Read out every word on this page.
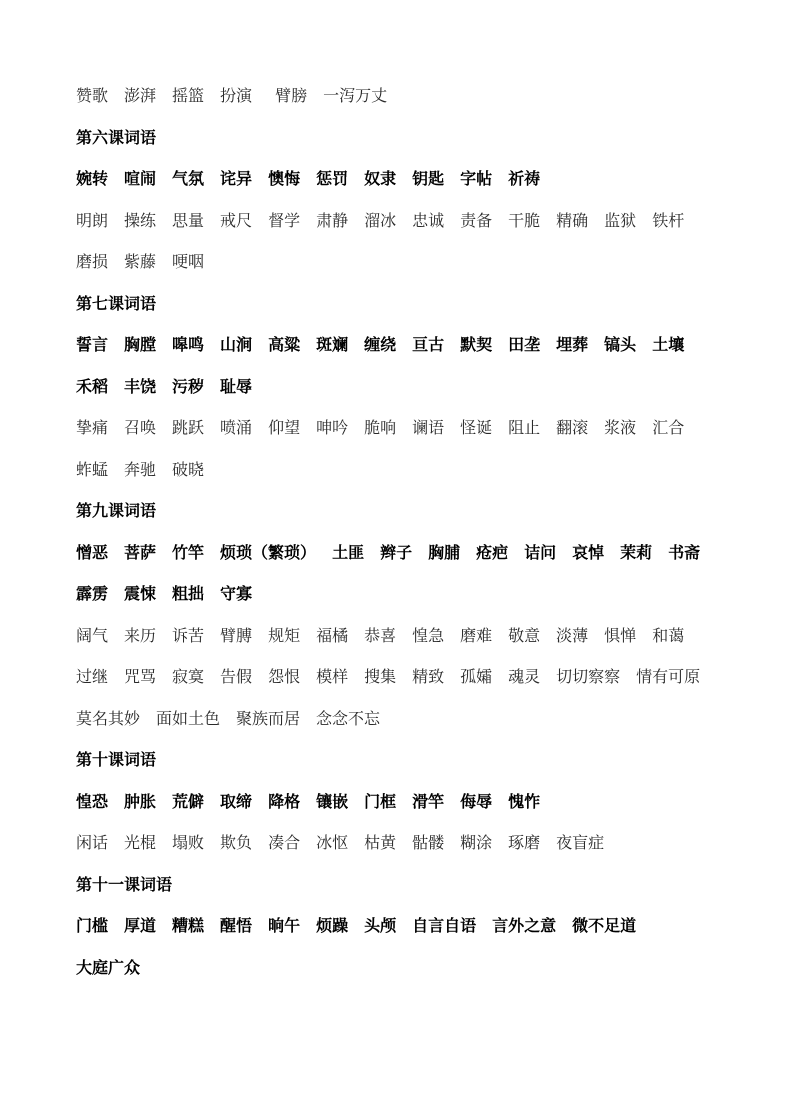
赞歌 澎湃 摇篮 扮演 臂膀 一泻万丈
第六课词语
婉转 喧闹 气氛 诧异 懊悔 惩罚 奴隶 钥匙 字帖 祈祷
明朗 操练 思量 戒尺 督学 肃静 溜冰 忠诚 责备 干脆 精确 监狱 铁杆
磨损 紫藤 哽咽
第七课词语
誓言 胸膛 嗥鸣 山涧 高粱 斑斓 缠绕 亘古 默契 田垄 埋葬 镐头 土壤
禾稻 丰饶 污秽 耻辱
挚痛 召唤 跳跃 喷涌 仰望 呻吟 脆响 谰语 怪诞 阻止 翻滚 浆液 汇合
蚱蜢 奔驰 破晓
第九课词语
憎恶 菩萨 竹竿 烦琐（繁琐） 土匪 辫子 胸脯 疮疤 诘问 哀悼 茉莉 书斋
霹雳 震悚 粗拙 守寡
阔气 来历 诉苦 臂膊 规矩 福橘 恭喜 惶急 磨难 敬意 淡薄 惧惮 和蔼
过继 咒骂 寂寞 告假 怨恨 模样 搜集 精致 孤孀 魂灵 切切察察 情有可原
莫名其妙 面如土色 聚族而居 念念不忘
第十课词语
惶恐 肿胀 荒僻 取缔 降格 镶嵌 门框 滑竿 侮辱 愧怍
闲话 光棍 塌败 欺负 凑合 冰怄 枯黄 骷髅 糊涂 琢磨 夜盲症
第十一课词语
门槛 厚道 糟糕 醒悟 晌午 烦躁 头颅 自言自语 言外之意 微不足道
大庭广众
